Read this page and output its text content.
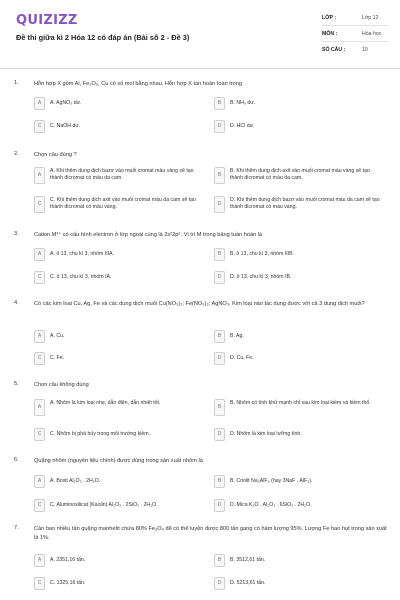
QUIZIZZ
Đề thi giữa kì 2 Hóa 12 có đáp án (Bài số 2 - Đề 3)
LỚP :	Lớp 12
MÔN :	Hóa học
SỐ CÂU :	10
1.	Hỗn hợp X gồm Al, Fe₂O₃, Cu có số mol bằng nhau. Hỗn hợp X tan hoàn toàn trong
A	A. AgNO₃ dư.	B	B. NH₃ dư.
C	C. NaOH dư.	D	D. HCl dư.
2.	Chọn câu đúng ?
A
A. Khi thêm dung dịch bazơ vào muối cromat màu vàng sẽ tạo thành đicromat có màu da cam.	B
B. Khi thêm dung dịch axit vào muối cromat màu vàng sẽ tạo thành đicromat có màu da cam.
C
C. Khi thêm dung dịch axit vào muối cromat màu da cam sẽ tạo thành đicromat có màu vàng.	D
D. Khi thêm dung dịch bazơ vào muối cromat màu da cam sẽ tạo thành đicromat có màu vàng.
3.	Cation M³⁺ có cấu hình electron ở lớp ngoài cùng là 2s²2p⁶. Vị trí M trong bảng tuần hoàn là
A	A. ô 13, chu kì 3, nhóm IIIA.	B	B. ô 13, chu kì 3, nhóm IIIB.
C	C. ô 13, chu kì 3, nhóm IA.	D	D. ô 13, chu kì 3, nhóm IB.
4.	Có các kim loại Cu, Ag, Fe và các dung dịch muối Cu(NO₃)₂; Fe(NO₃)₃; AgNO₃. Kim loại nào tác dụng được với cả 3 dung dịch muối?
A	A. Cu.	B	B. Ag.
C	C. Fe.	D	D. Cu, Fe.
5.	Chọn câu không đúng
A
A. Nhôm là kim loại nhẹ, dẫn điện, dẫn nhiệt tốt.
B
B. Nhôm có tính khử mạnh chỉ sau kim loại kiềm và kiềm thổ.
C	C. Nhôm bị phá hủy trong môi trường kiềm.	D	D. Nhôm là kim loại lưỡng tính.
6.	Quặng nhôm (nguyên liệu chính) được dùng trong sản xuất nhôm là
A	A. Boxit Al₂O₃ . 2H₂O.	B	B. Criolit Na₃AlF₆ (hay 3NaF . AlF₃).
C	C. Aluminosilicat (Kaolin) Al₂O₃ . 2SiO₂ . 2H₂O.	D	D. Mica K₂O . Al₂O₃ . 6SiO₂ . 2H₂O.
7.	Cần bao nhiêu tấn quặng manhetit chứa 80% Fe₃O₄ để có thể luyện được 800 tấn gang có hàm lượng 95%. Lượng Fe hao hụt trong sản xuất là 1%.
A	A. 2351,16 tấn.	B	B. 3512,61 tấn.
C	C. 1325,16 tấn.	D	D. 5213,61 tấn.
